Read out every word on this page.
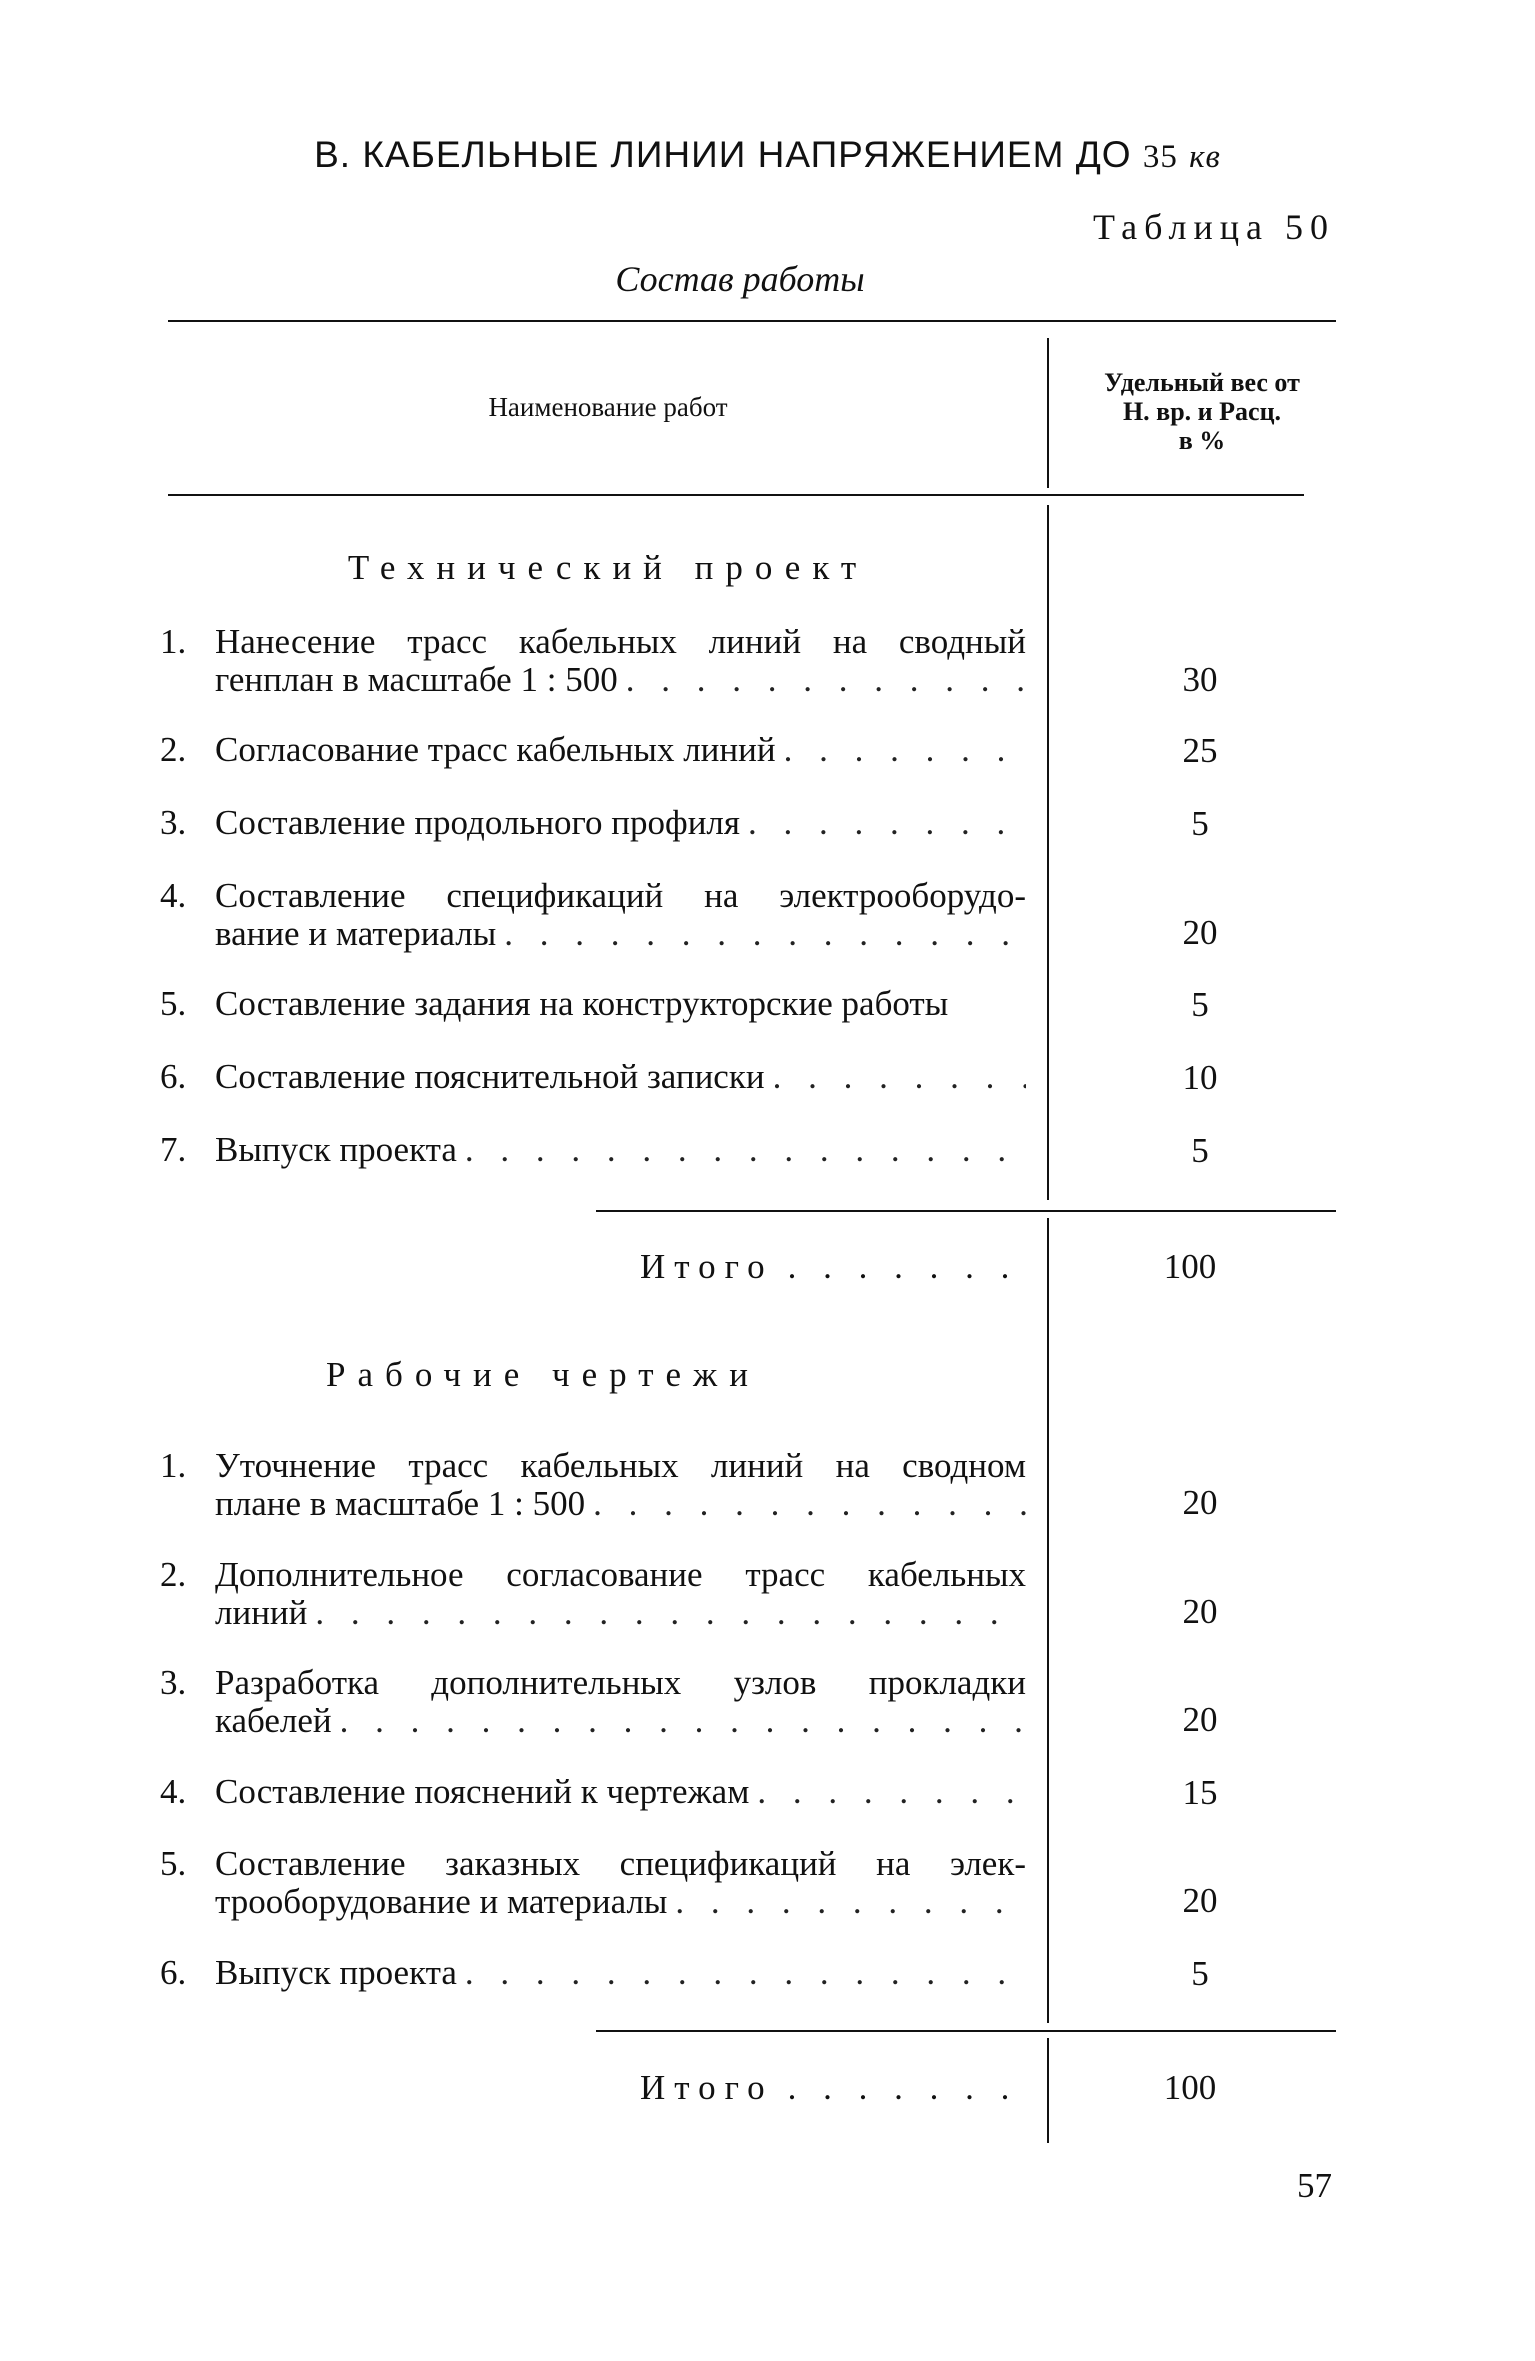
В. КАБЕЛЬНЫЕ ЛИНИИ НАПРЯЖЕНИЕМ ДО 35 кв
Таблица 50
Состав работы
Наименование работ
Удельный вес от
Н. вр. и Расц.
в %
Технический проект
1. Нанесение трасс кабельных линий на сводный
генплан в масштабе 1 : 500 . . .	30
2. Согласование трасс кабельных линий . . .	25
3. Составление продольного профиля . . .	5
4. Составление спецификаций на электрооборудо-
вание и материалы . . .	20
5. Составление задания на конструкторские работы	5
6. Составление пояснительной записки . . .	10
7. Выпуск проекта . . .	5
Итого . . .	100
Рабочие чертежи
1. Уточнение трасс кабельных линий на сводном
плане в масштабе 1 : 500 . . .	20
2. Дополнительное согласование трасс кабельных
линий . . .	20
3. Разработка дополнительных узлов прокладки
кабелей . . .	20
4. Составление пояснений к чертежам . . .	15
5. Составление заказных спецификаций на элек-
трооборудование и материалы . . .	20
6. Выпуск проекта . . .	5
Итого . . .	100
57
